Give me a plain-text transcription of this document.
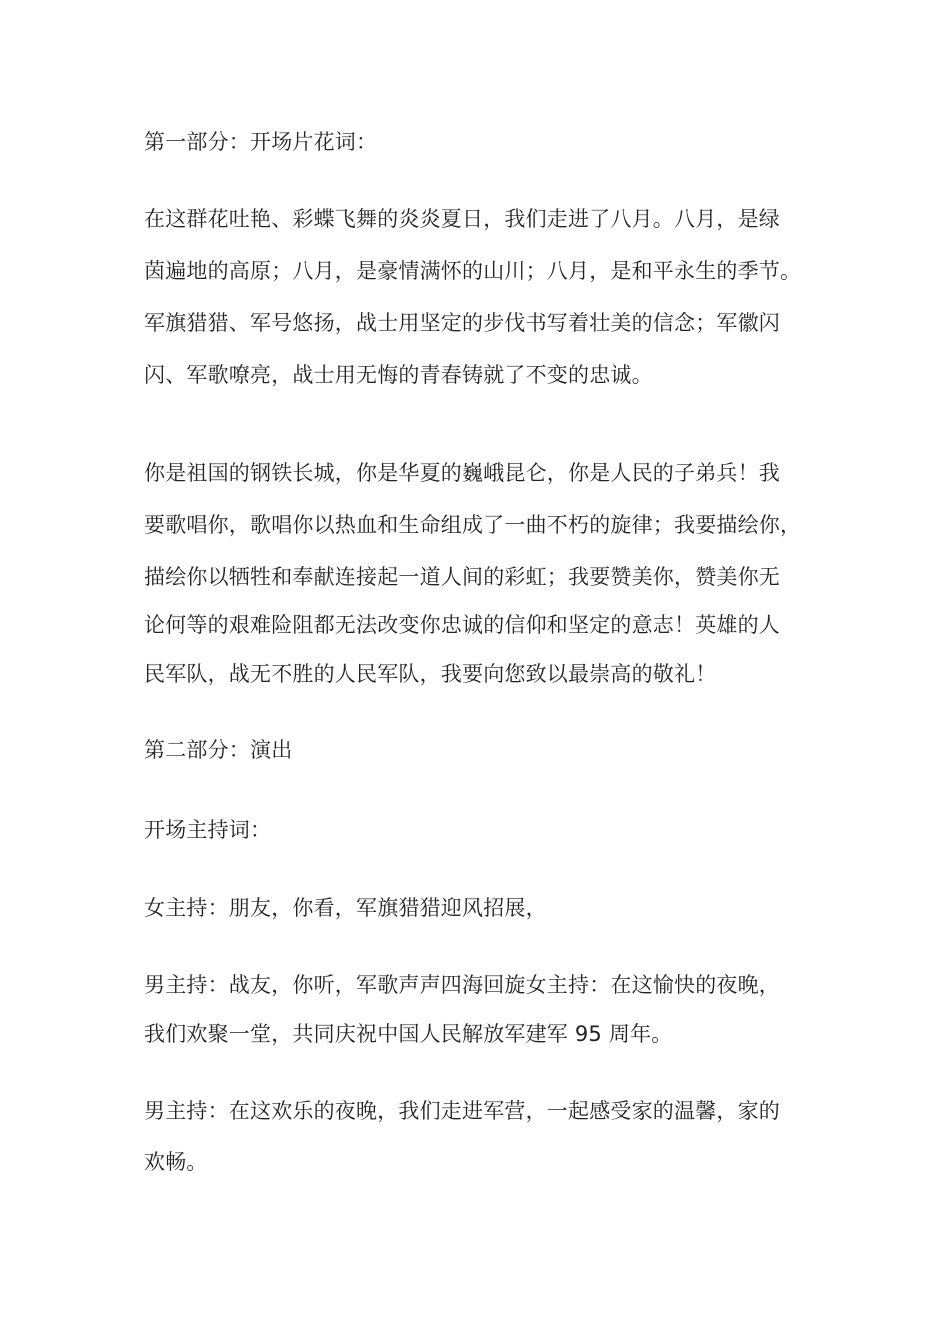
第一部分：开场片花词：
在这群花吐艳、彩蝶飞舞的炎炎夏日，我们走进了八月。八月，是绿
茵遍地的高原；八月，是豪情满怀的山川；八月，是和平永生的季节。
军旗猎猎、军号悠扬，战士用坚定的步伐书写着壮美的信念；军徽闪
闪、军歌嘹亮，战士用无悔的青春铸就了不变的忠诚。
你是祖国的钢铁长城，你是华夏的巍峨昆仑，你是人民的子弟兵！我
要歌唱你，歌唱你以热血和生命组成了一曲不朽的旋律；我要描绘你，
描绘你以牺牲和奉献连接起一道人间的彩虹；我要赞美你，赞美你无
论何等的艰难险阻都无法改变你忠诚的信仰和坚定的意志！英雄的人
民军队，战无不胜的人民军队，我要向您致以最崇高的敬礼！
第二部分：演出
开场主持词：
女主持：朋友，你看，军旗猎猎迎风招展，
男主持：战友，你听，军歌声声四海回旋女主持：在这愉快的夜晚，
我们欢聚一堂，共同庆祝中国人民解放军建军 95 周年。
男主持：在这欢乐的夜晚，我们走进军营，一起感受家的温馨，家的
欢畅。
